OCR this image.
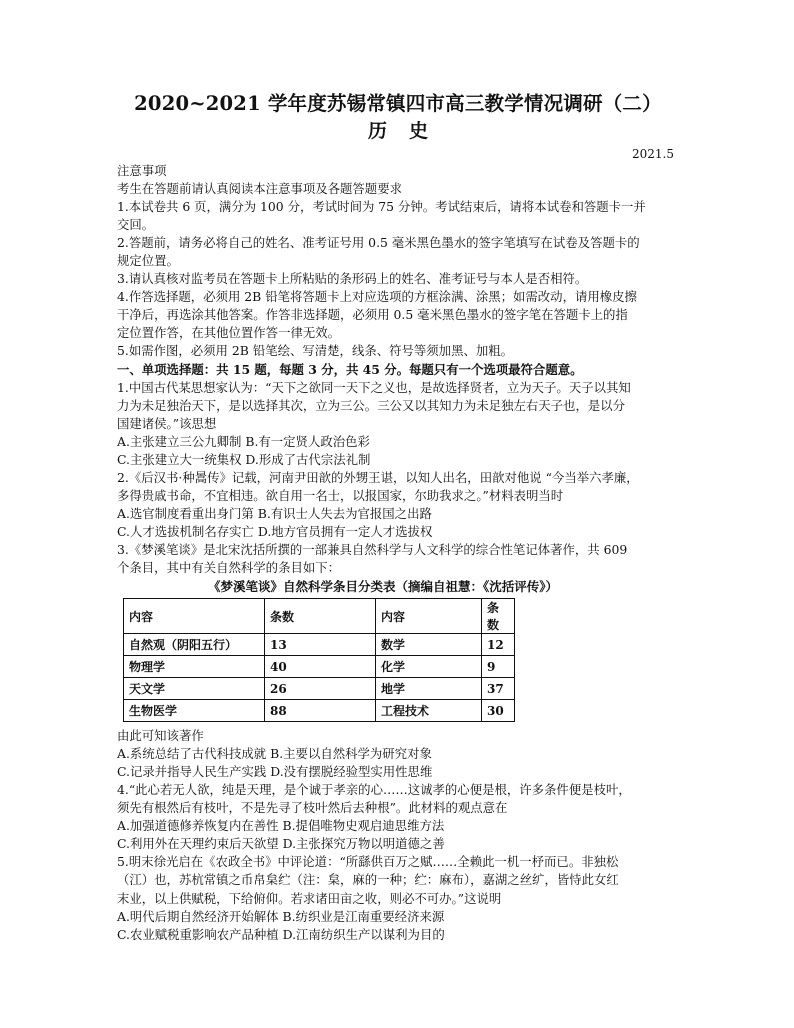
2020~2021 学年度苏锡常镇四市高三教学情况调研（二）
历史
2021.5
注意事项
考生在答题前请认真阅读本注意事项及各题答题要求
1.本试卷共 6 页，满分为 100 分，考试时间为 75 分钟。考试结束后，请将本试卷和答题卡一并
交回。
2.答题前，请务必将自己的姓名、准考证号用 0.5 毫米黑色墨水的签字笔填写在试卷及答题卡的
规定位置。
3.请认真核对监考员在答题卡上所粘贴的条形码上的姓名、准考证号与本人是否相符。
4.作答选择题，必须用 2B 铅笔将答题卡上对应选项的方框涂满、涂黑；如需改动，请用橡皮擦
干净后，再选涂其他答案。作答非选择题，必须用 0.5 毫米黑色墨水的签字笔在答题卡上的指
定位置作答，在其他位置作答一律无效。
5.如需作图，必须用 2B 铅笔绘、写清楚，线条、符号等须加黑、加粗。
一、单项选择题：共 15 题，每题 3 分，共 45 分。每题只有一个选项最符合题意。
1.中国古代某思想家认为：“天下之欲同一天下之义也，是故选择贤者，立为天子。天子以其知
力为未足独治天下，是以选择其次，立为三公。三公又以其知力为未足独左右天子也，是以分
国建诸侯。”该思想
A.主张建立三公九卿制 B.有一定贤人政治色彩
C.主张建立大一统集权 D.形成了古代宗法礼制
2.《后汉书·种暠传》记载，河南尹田歆的外甥王谌，以知人出名，田歆对他说 “今当举六孝廉，
多得贵戚书命，不宜相违。欲自用一名士，以报国家，尔助我求之。”材料表明当时
A.选官制度看重出身门第 B.有识士人失去为官报国之出路
C.人才选拔机制名存实亡 D.地方官员拥有一定人才选拔权
3.《梦溪笔谈》是北宋沈括所撰的一部兼具自然科学与人文科学的综合性笔记体著作，共 609
个条目，其中有关自然科学的条目如下：
《梦溪笔谈》自然科学条目分类表（摘编自祖慧：《沈括评传》）
内容	条数	内容	条数
自然观（阴阳五行）	13	数学	12
物理学	40	化学	9
天文学	26	地学	37
生物医学	88	工程技术	30
由此可知该著作
A.系统总结了古代科技成就 B.主要以自然科学为研究对象
C.记录并指导人民生产实践 D.没有摆脱经验型实用性思维
4.“此心若无人欲，纯是天理，是个诚于孝亲的心……这诚孝的心便是根，许多条件便是枝叶，
须先有根然后有枝叶，不是先寻了枝叶然后去种根”。此材料的观点意在
A.加强道德修养恢复内在善性 B.提倡唯物史观启迪思维方法
C.利用外在天理约束后天欲望 D.主张探究万物以明道德之善
5.明末徐光启在《农政全书》中评论道：“所繇供百万之赋……全赖此一机一杼而已。非独松
（江）也，苏杭常镇之币帛枲纻（注：枲，麻的一种；纻：麻布），嘉湖之丝纩，皆恃此女红
末业，以上供赋税，下给俯仰。若求诸田亩之收，则必不可办。”这说明
A.明代后期自然经济开始解体 B.纺织业是江南重要经济来源
C.农业赋税重影响农产品种植 D.江南纺织生产以谋利为目的
